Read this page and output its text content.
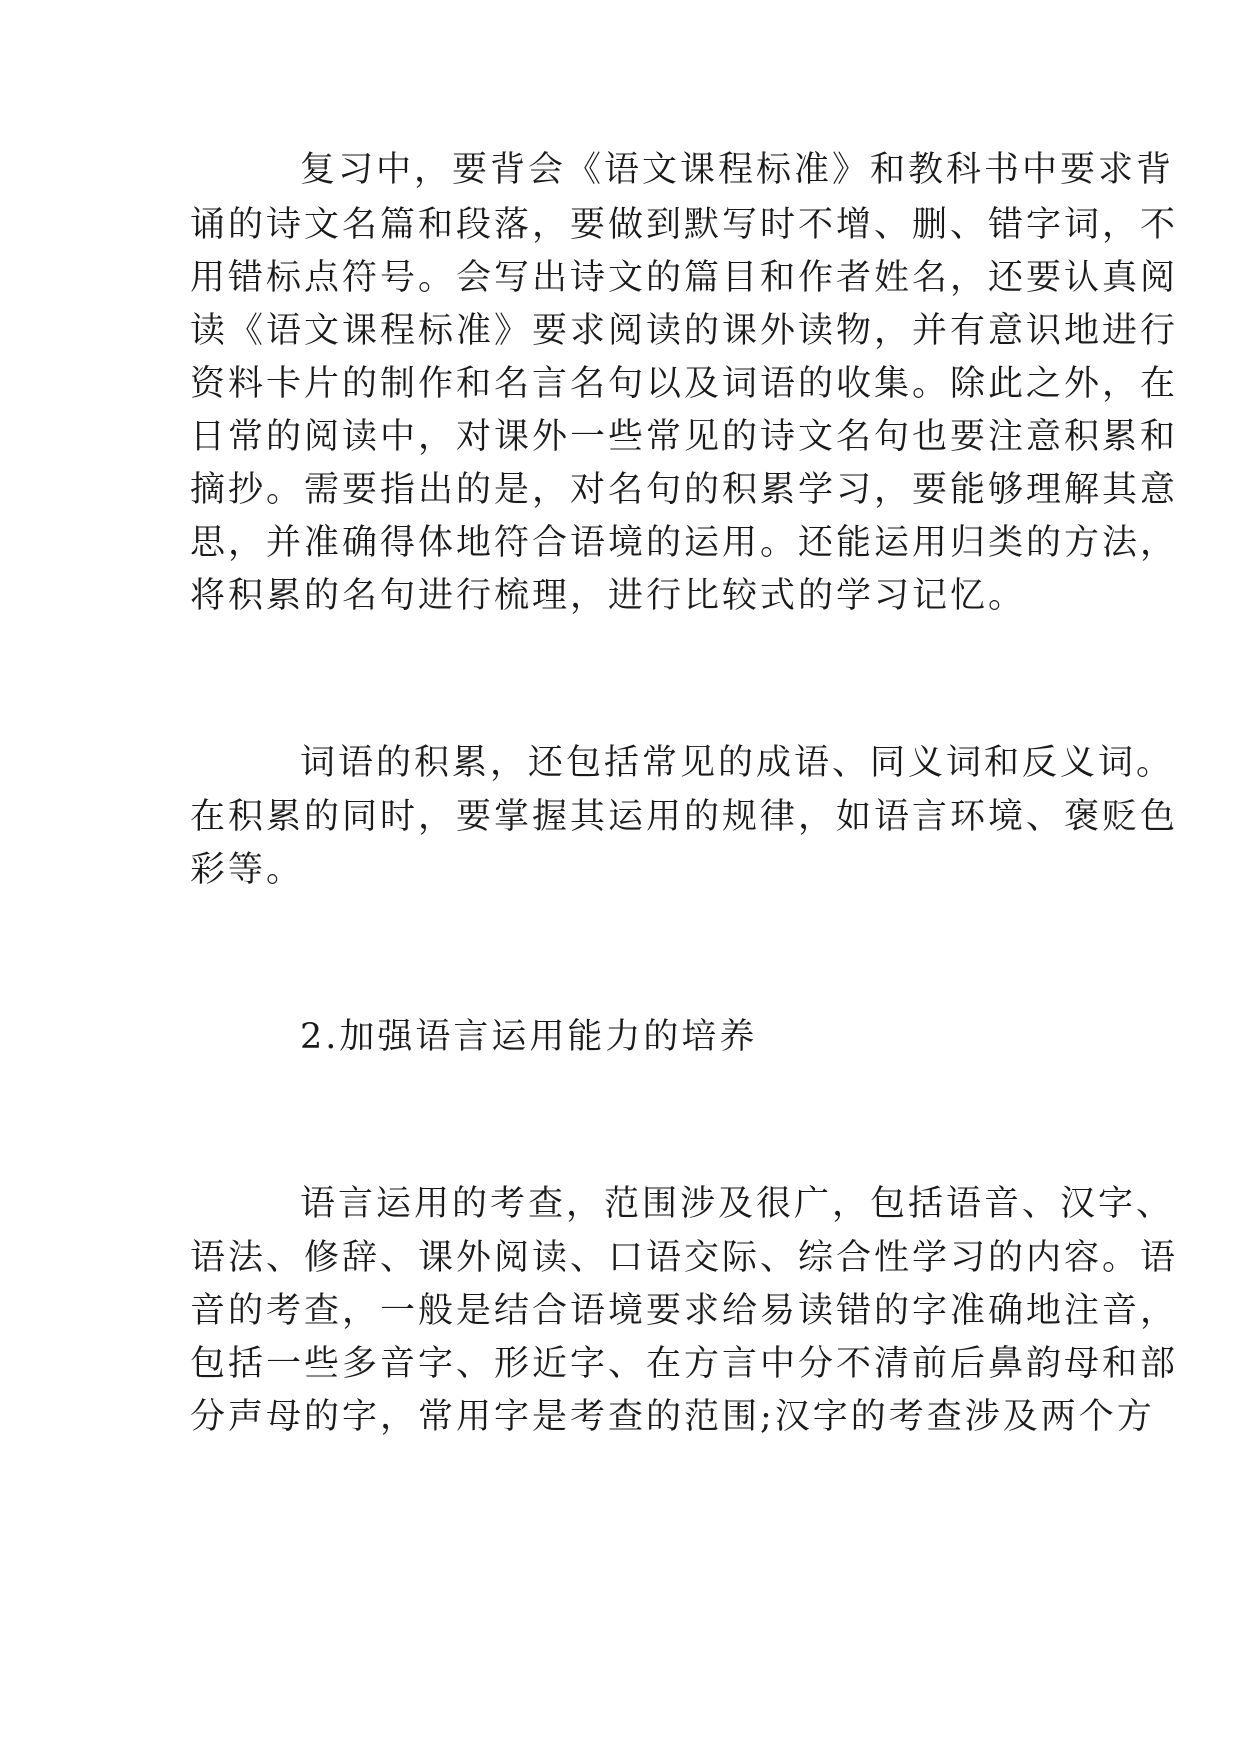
复习中，要背会《语文课程标准》和教科书中要求背
诵的诗文名篇和段落，要做到默写时不增、删、错字词，不
用错标点符号。会写出诗文的篇目和作者姓名，还要认真阅
读《语文课程标准》要求阅读的课外读物，并有意识地进行
资料卡片的制作和名言名句以及词语的收集。除此之外，在
日常的阅读中，对课外一些常见的诗文名句也要注意积累和
摘抄。需要指出的是，对名句的积累学习，要能够理解其意
思，并准确得体地符合语境的运用。还能运用归类的方法，
将积累的名句进行梳理，进行比较式的学习记忆。
词语的积累，还包括常见的成语、同义词和反义词。
在积累的同时，要掌握其运用的规律，如语言环境、褒贬色
彩等。
2.加强语言运用能力的培养
语言运用的考查，范围涉及很广，包括语音、汉字、
语法、修辞、课外阅读、口语交际、综合性学习的内容。语
音的考查，一般是结合语境要求给易读错的字准确地注音，
包括一些多音字、形近字、在方言中分不清前后鼻韵母和部
分声母的字，常用字是考查的范围;汉字的考查涉及两个方
